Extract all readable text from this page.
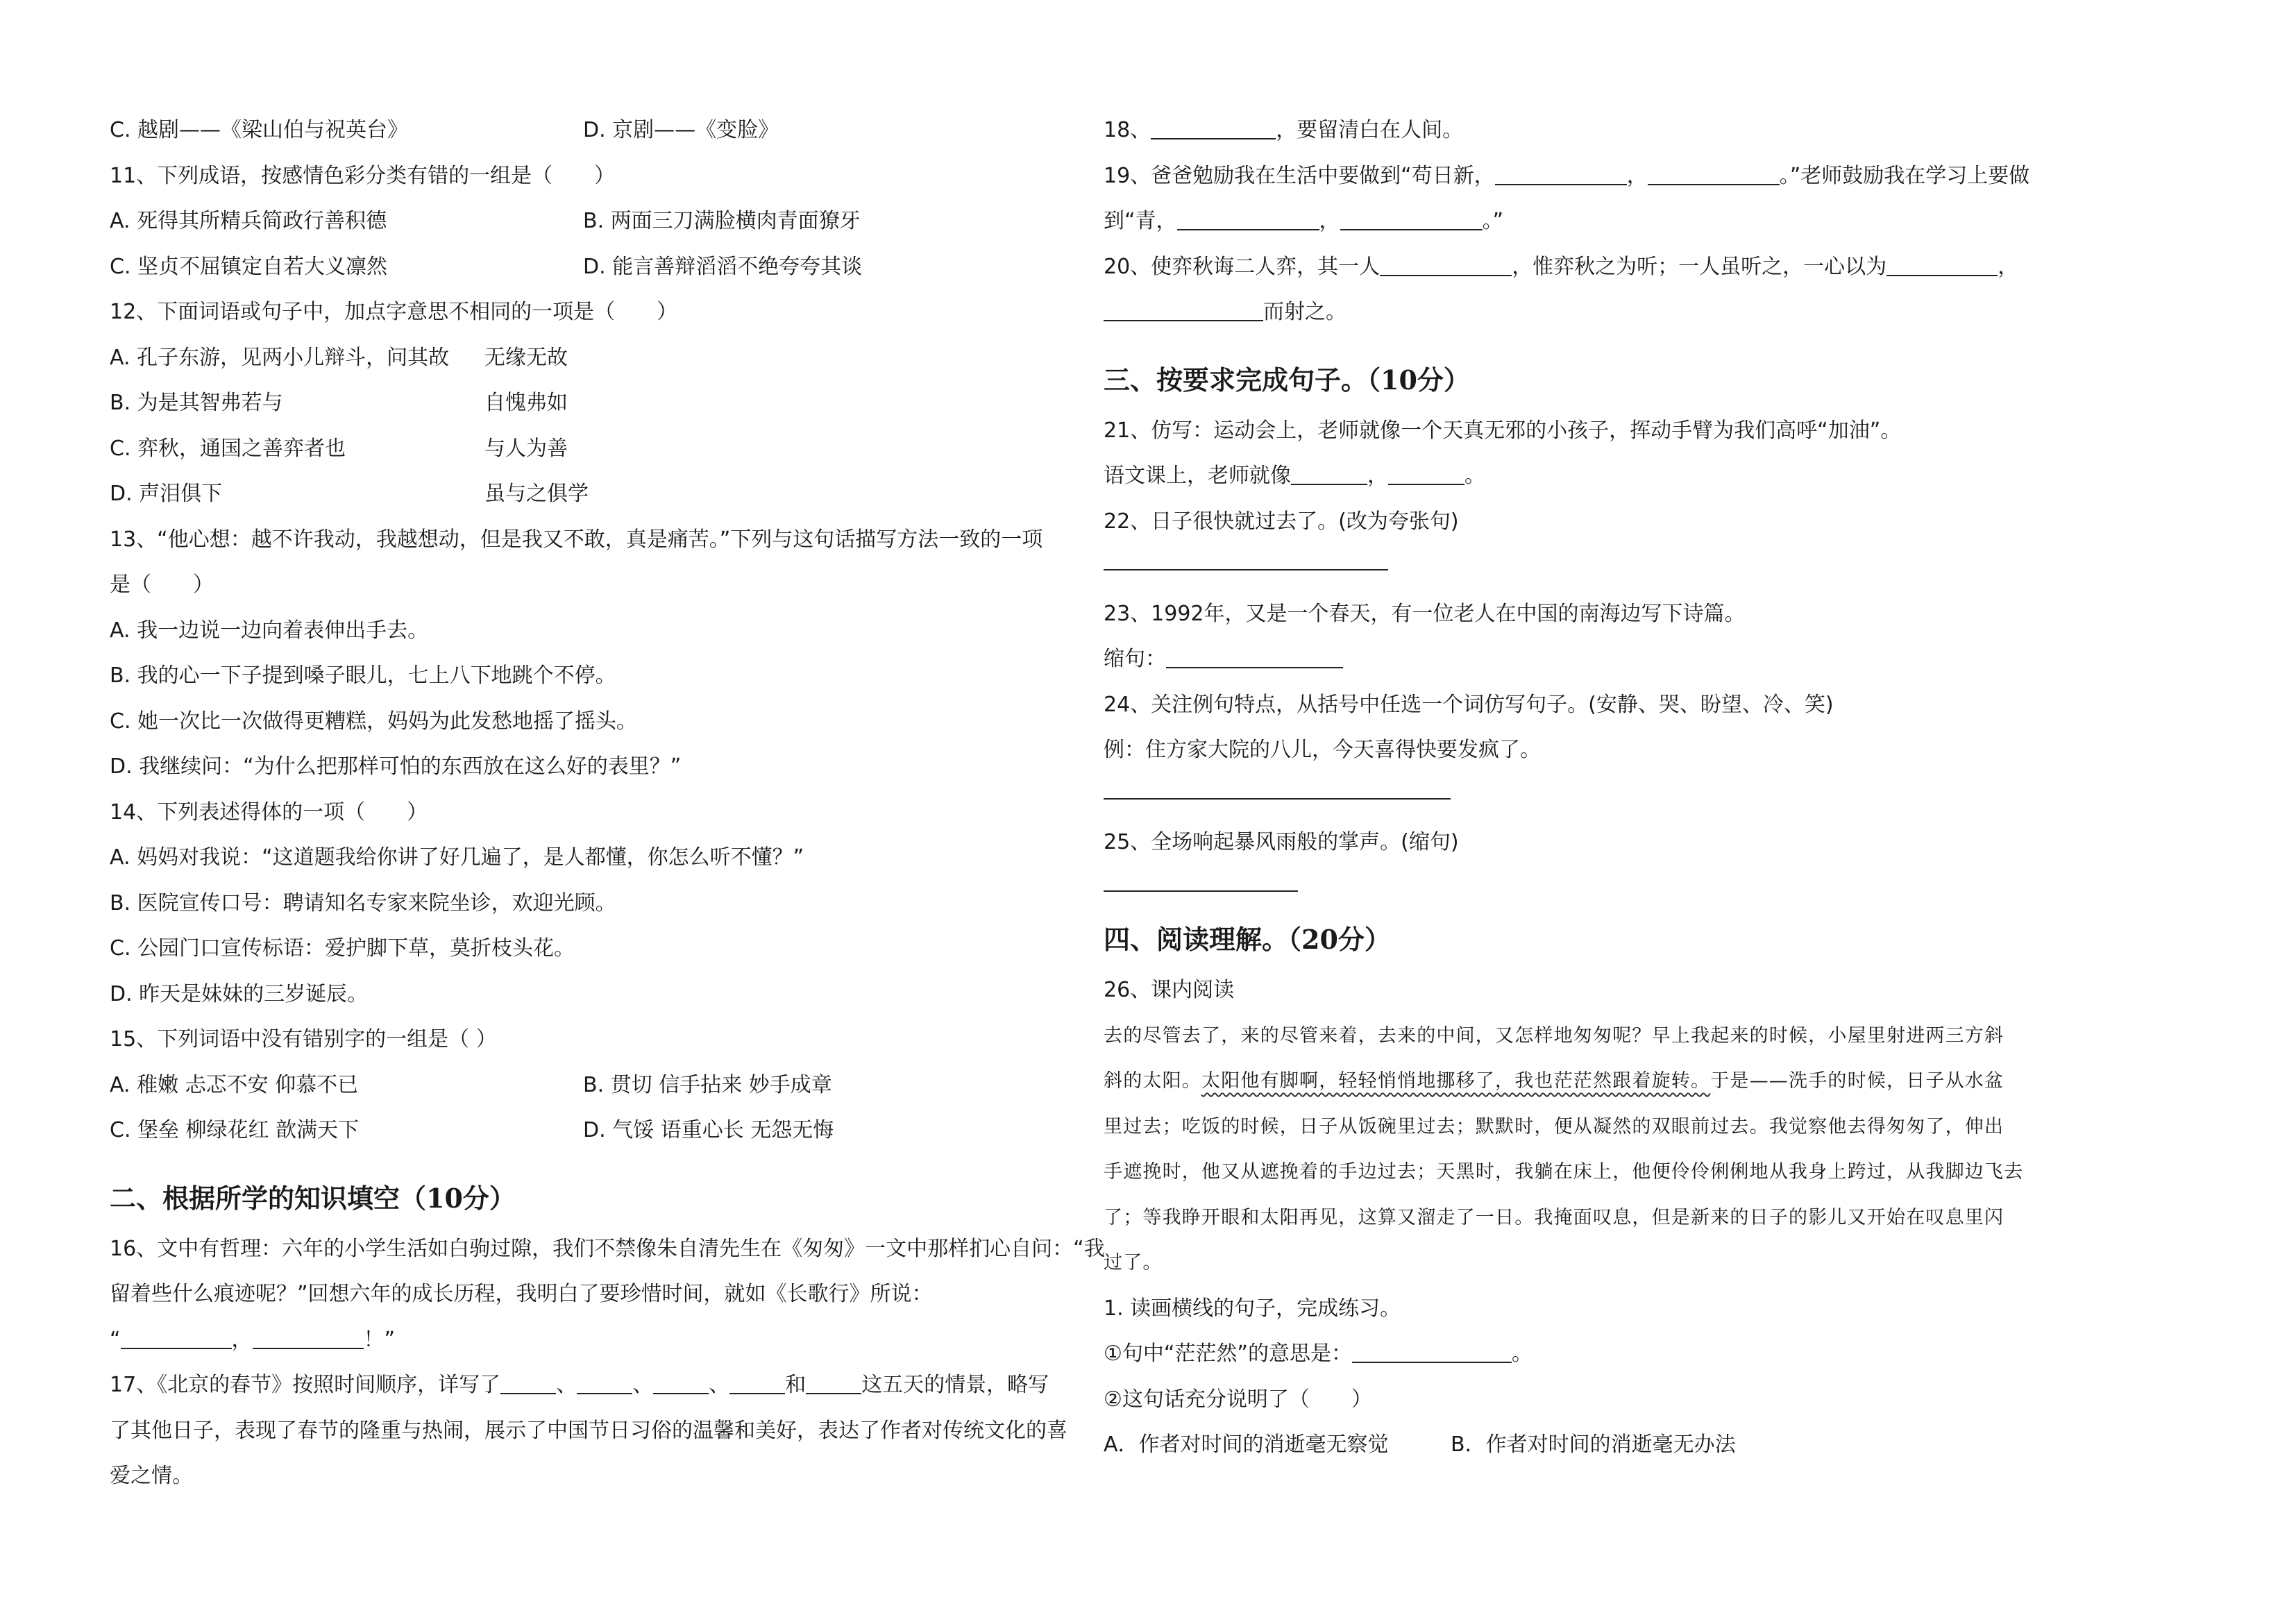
C. 越剧——《梁山伯与祝英台》	D. 京剧——《变脸》
11、下列成语，按感情色彩分类有错的一组是（　　）
A. 死得其所精兵简政行善积德	B. 两面三刀满脸横肉青面獠牙
C. 坚贞不屈镇定自若大义凛然	D. 能言善辩滔滔不绝夸夸其谈
12、下面词语或句子中，加点字意思不相同的一项是（　　）
A. 孔子东游，见两小儿辩斗，问其故	无缘无故
B. 为是其智弗若与	自愧弗如
C. 弈秋，通国之善弈者也	与人为善
D. 声泪俱下	虽与之俱学
13、“他心想：越不许我动，我越想动，但是我又不敢，真是痛苦。”下列与这句话描写方法一致的一项
是（　　）
A. 我一边说一边向着表伸出手去。
B. 我的心一下子提到嗓子眼儿，七上八下地跳个不停。
C. 她一次比一次做得更糟糕，妈妈为此发愁地摇了摇头。
D. 我继续问：“为什么把那样可怕的东西放在这么好的表里？”
14、下列表述得体的一项（　　）
A. 妈妈对我说：“这道题我给你讲了好几遍了，是人都懂，你怎么听不懂？”
B. 医院宣传口号：聘请知名专家来院坐诊，欢迎光顾。
C. 公园门口宣传标语：爱护脚下草，莫折枝头花。
D. 昨天是妹妹的三岁诞辰。
15、下列词语中没有错别字的一组是（ ）
A. 稚嫩 忐忑不安 仰慕不已	B. 贯切 信手拈来 妙手成章
C. 堡垒 柳绿花红 歆满天下	D. 气馁 语重心长 无怨无悔
二、根据所学的知识填空（10分）
16、文中有哲理：六年的小学生活如白驹过隙，我们不禁像朱自清先生在《匆匆》一文中那样扪心自问：“我
留着些什么痕迹呢？”回想六年的成长历程，我明白了要珍惜时间，就如《长歌行》所说：
“	，	！”
17、《北京的春节》按照时间顺序，详写了	、	、	、	和	这五天的情景，略写
了其他日子，表现了春节的隆重与热闹，展示了中国节日习俗的温馨和美好，表达了作者对传统文化的喜
爱之情。
18、	，要留清白在人间。
19、爸爸勉励我在生活中要做到“苟日新，	，	。”老师鼓励我在学习上要做
到“青，	，	。”
20、使弈秋诲二人弈，其一人	，惟弈秋之为听；一人虽听之，一心以为	，
而射之。
三、按要求完成句子。（10分）
21、仿写：运动会上，老师就像一个天真无邪的小孩子，挥动手臂为我们高呼“加油”。
语文课上，老师就像	，	。
22、日子很快就过去了。(改为夸张句)
23、1992年，又是一个春天，有一位老人在中国的南海边写下诗篇。
缩句：
24、关注例句特点，从括号中任选一个词仿写句子。(安静、哭、盼望、冷、笑)
例：住方家大院的八儿，今天喜得快要发疯了。
25、全场响起暴风雨般的掌声。(缩句)
四、阅读理解。（20分）
26、课内阅读
去的尽管去了，来的尽管来着，去来的中间，又怎样地匆匆呢？早上我起来的时候，小屋里射进两三方斜
斜的太阳。太阳他有脚啊，轻轻悄悄地挪移了，我也茫茫然跟着旋转。于是——洗手的时候，日子从水盆
里过去；吃饭的时候，日子从饭碗里过去；默默时，便从凝然的双眼前过去。我觉察他去得匆匆了，伸出
手遮挽时，他又从遮挽着的手边过去；天黑时，我躺在床上，他便伶伶俐俐地从我身上跨过，从我脚边飞去
了；等我睁开眼和太阳再见，这算又溜走了一日。我掩面叹息，但是新来的日子的影儿又开始在叹息里闪
过了。
1. 读画横线的句子，完成练习。
①句中“茫茫然”的意思是：	。
②这句话充分说明了（　　）
A．作者对时间的消逝毫无察觉	B．作者对时间的消逝毫无办法
